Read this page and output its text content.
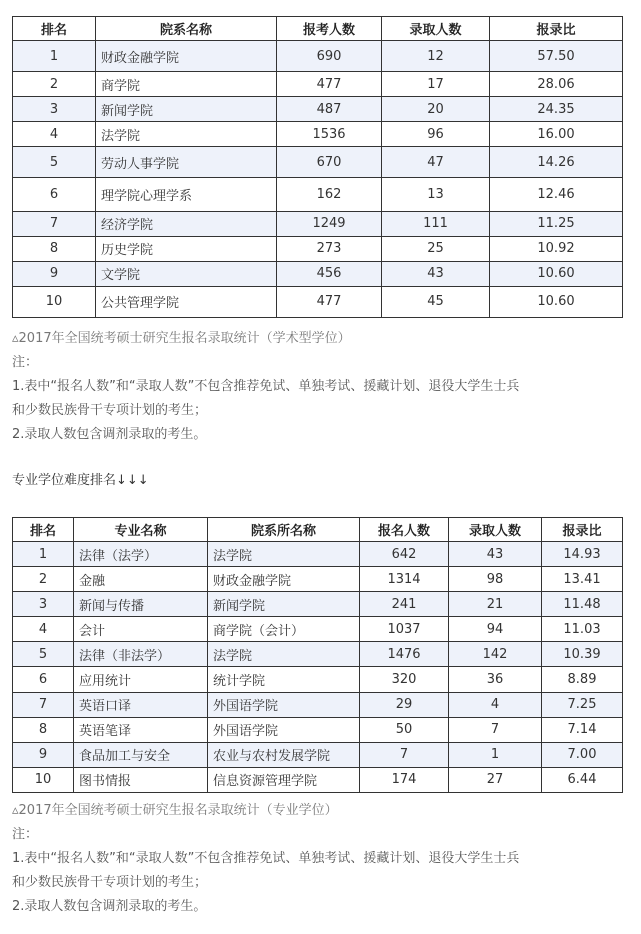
排名	院系名称	报考人数	录取人数	报录比
1	财政金融学院	690	12	57.50
2	商学院	477	17	28.06
3	新闻学院	487	20	24.35
4	法学院	1536	96	16.00
5	劳动人事学院	670	47	14.26
6	理学院心理学系	162	13	12.46
7	经济学院	1249	111	11.25
8	历史学院	273	25	10.92
9	文学院	456	43	10.60
10	公共管理学院	477	45	10.60
▵2017年全国统考硕士研究生报名录取统计（学术型学位）
注：
1.表中“报名人数”和“录取人数”不包含推荐免试、单独考试、援藏计划、退役大学生士兵
和少数民族骨干专项计划的考生；
2.录取人数包含调剂录取的考生。
专业学位难度排名↓↓↓
排名	专业名称	院系所名称	报名人数	录取人数	报录比
1	法律（法学）	法学院	642	43	14.93
2	金融	财政金融学院	1314	98	13.41
3	新闻与传播	新闻学院	241	21	11.48
4	会计	商学院（会计）	1037	94	11.03
5	法律（非法学）	法学院	1476	142	10.39
6	应用统计	统计学院	320	36	8.89
7	英语口译	外国语学院	29	4	7.25
8	英语笔译	外国语学院	50	7	7.14
9	食品加工与安全	农业与农村发展学院	7	1	7.00
10	图书情报	信息资源管理学院	174	27	6.44
▵2017年全国统考硕士研究生报名录取统计（专业学位）
注：
1.表中“报名人数”和“录取人数”不包含推荐免试、单独考试、援藏计划、退役大学生士兵
和少数民族骨干专项计划的考生；
2.录取人数包含调剂录取的考生。
